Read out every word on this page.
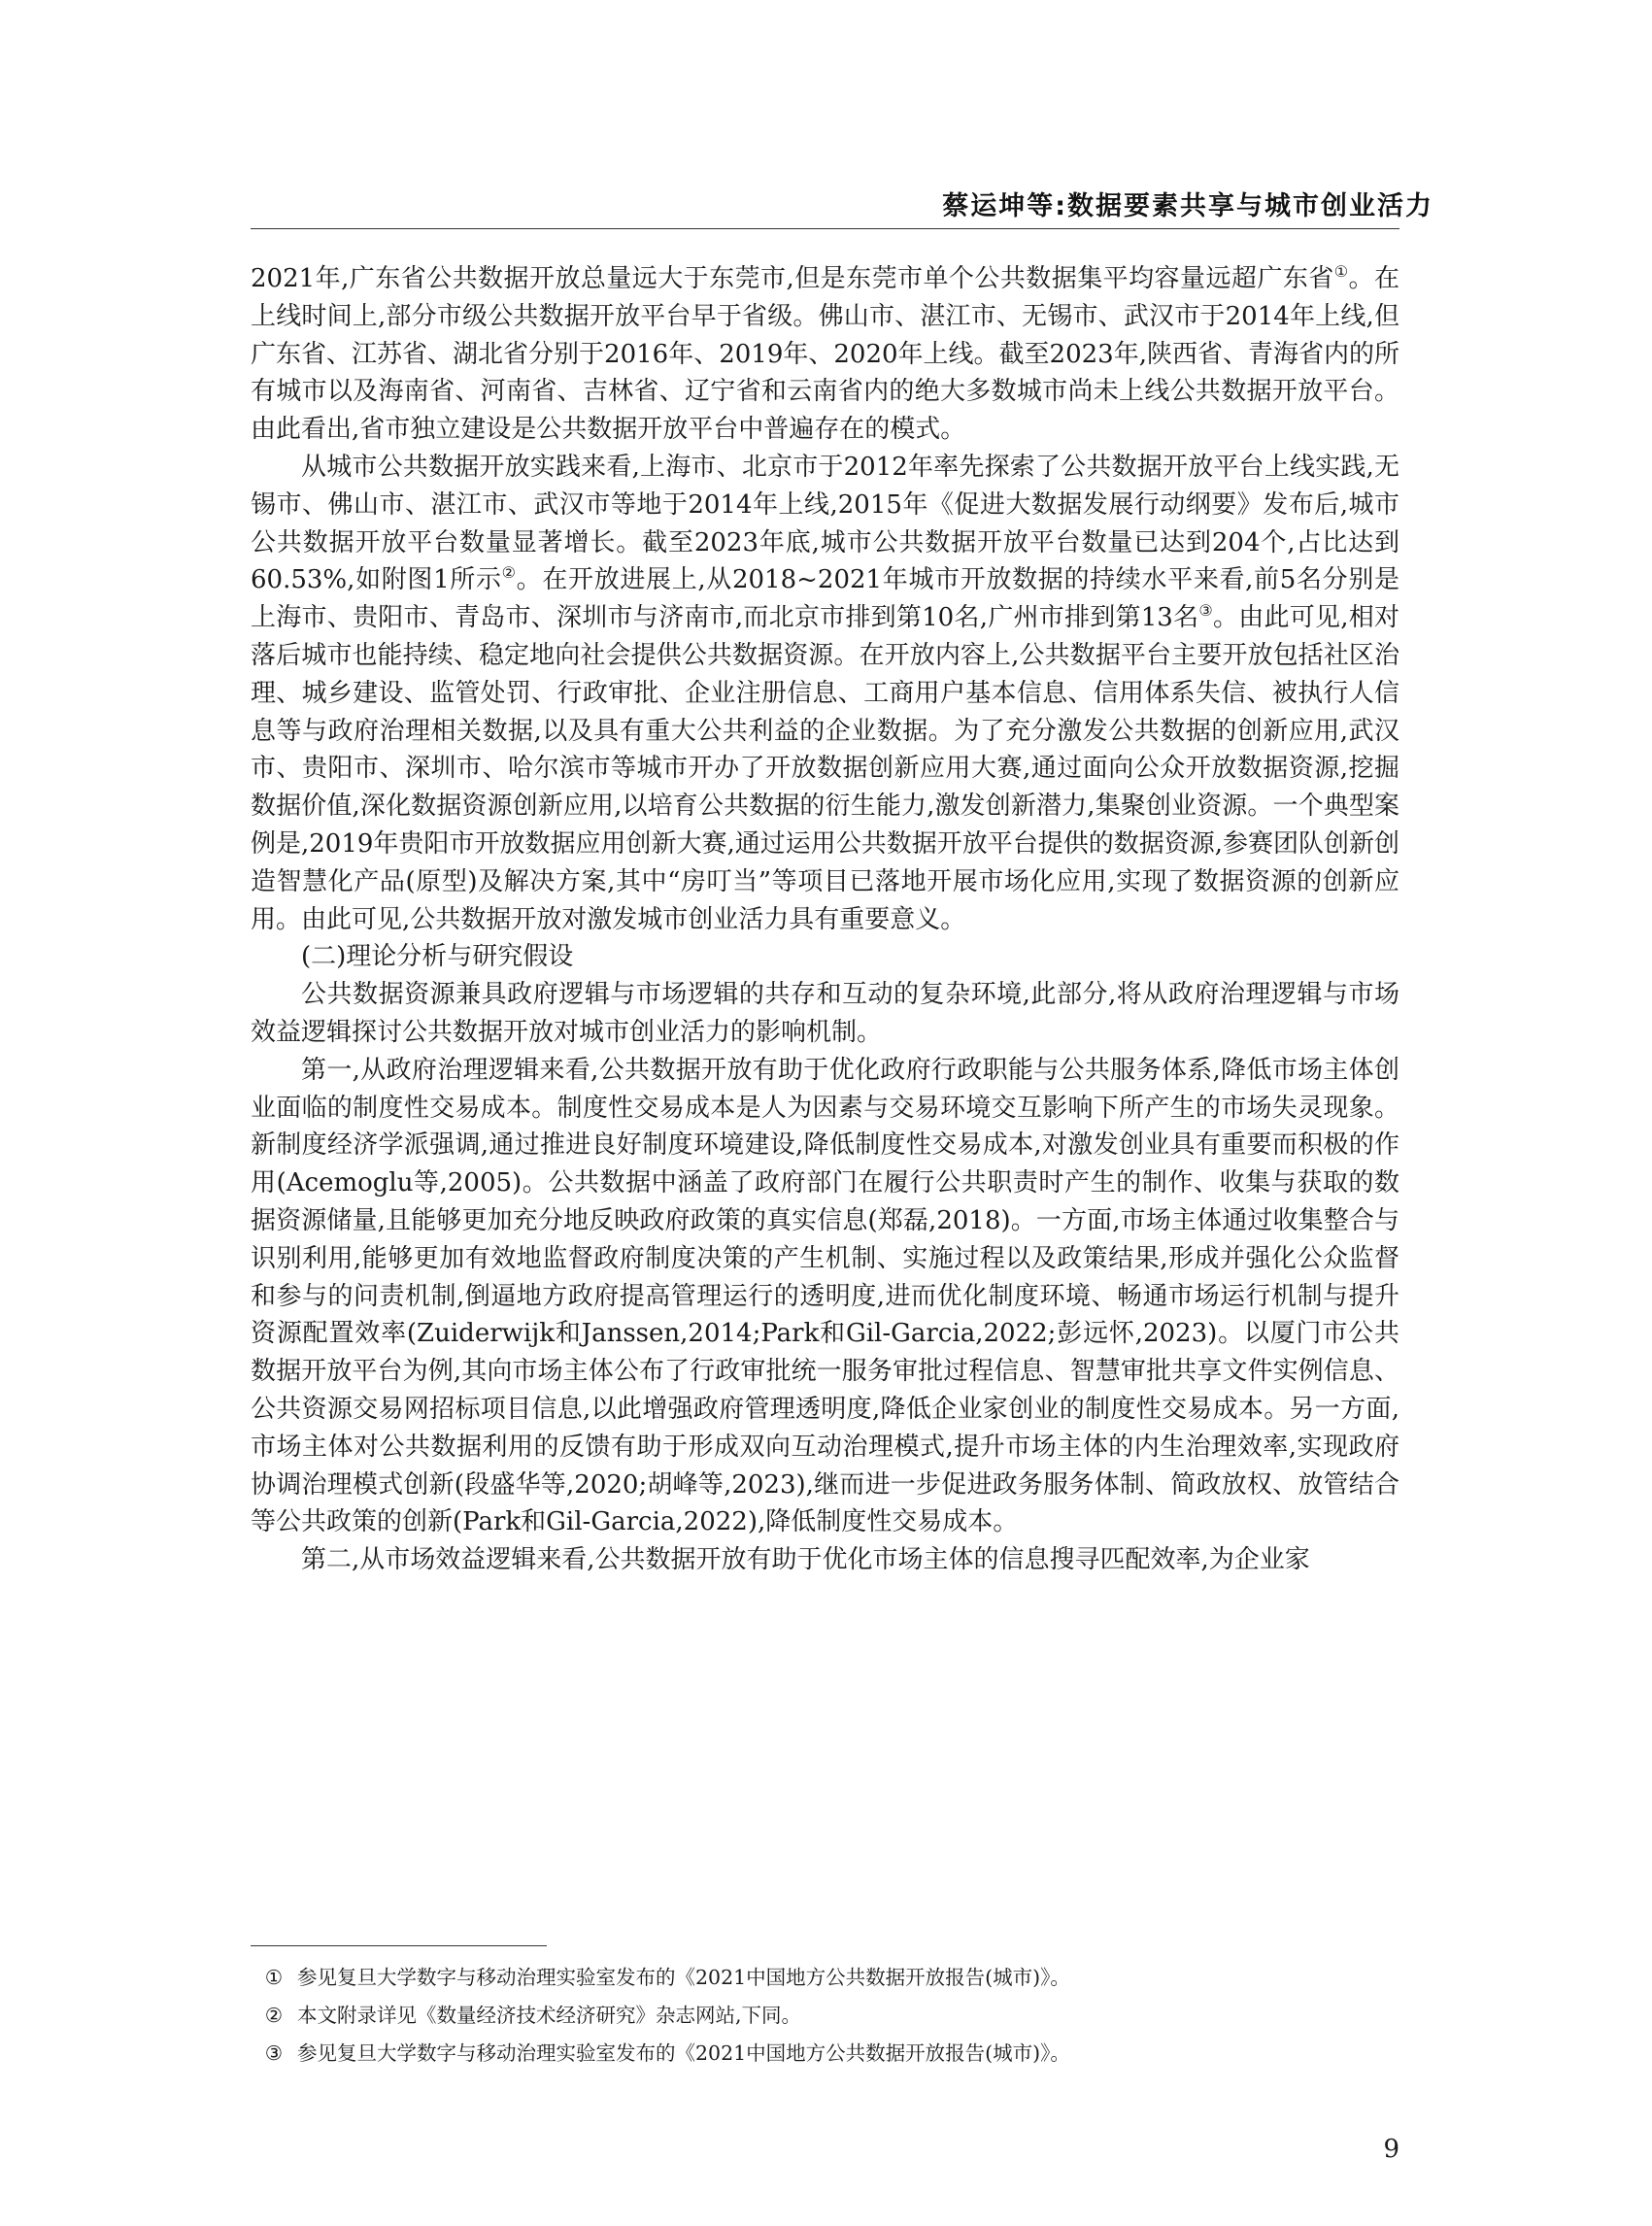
蔡运坤等:数据要素共享与城市创业活力

2021年,广东省公共数据开放总量远大于东莞市,但是东莞市单个公共数据集平均容量远超广东省①。在上线时间上,部分市级公共数据开放平台早于省级。佛山市、湛江市、无锡市、武汉市于2014年上线,但广东省、江苏省、湖北省分别于2016年、2019年、2020年上线。截至2023年,陕西省、青海省内的所有城市以及海南省、河南省、吉林省、辽宁省和云南省内的绝大多数城市尚未上线公共数据开放平台。由此看出,省市独立建设是公共数据开放平台中普遍存在的模式。

从城市公共数据开放实践来看,上海市、北京市于2012年率先探索了公共数据开放平台上线实践,无锡市、佛山市、湛江市、武汉市等地于2014年上线,2015年《促进大数据发展行动纲要》发布后,城市公共数据开放平台数量显著增长。截至2023年底,城市公共数据开放平台数量已达到204个,占比达到60.53%,如附图1所示②。在开放进展上,从2018~2021年城市开放数据的持续水平来看,前5名分别是上海市、贵阳市、青岛市、深圳市与济南市,而北京市排到第10名,广州市排到第13名③。由此可见,相对落后城市也能持续、稳定地向社会提供公共数据资源。在开放内容上,公共数据平台主要开放包括社区治理、城乡建设、监管处罚、行政审批、企业注册信息、工商用户基本信息、信用体系失信、被执行人信息等与政府治理相关数据,以及具有重大公共利益的企业数据。为了充分激发公共数据的创新应用,武汉市、贵阳市、深圳市、哈尔滨市等城市开办了开放数据创新应用大赛,通过面向公众开放数据资源,挖掘数据价值,深化数据资源创新应用,以培育公共数据的衍生能力,激发创新潜力,集聚创业资源。一个典型案例是,2019年贵阳市开放数据应用创新大赛,通过运用公共数据开放平台提供的数据资源,参赛团队创新创造智慧化产品(原型)及解决方案,其中“房叮当”等项目已落地开展市场化应用,实现了数据资源的创新应用。由此可见,公共数据开放对激发城市创业活力具有重要意义。

(二)理论分析与研究假设

公共数据资源兼具政府逻辑与市场逻辑的共存和互动的复杂环境,此部分,将从政府治理逻辑与市场效益逻辑探讨公共数据开放对城市创业活力的影响机制。

第一,从政府治理逻辑来看,公共数据开放有助于优化政府行政职能与公共服务体系,降低市场主体创业面临的制度性交易成本。制度性交易成本是人为因素与交易环境交互影响下所产生的市场失灵现象。新制度经济学派强调,通过推进良好制度环境建设,降低制度性交易成本,对激发创业具有重要而积极的作用(Acemoglu等,2005)。公共数据中涵盖了政府部门在履行公共职责时产生的制作、收集与获取的数据资源储量,且能够更加充分地反映政府政策的真实信息(郑磊,2018)。一方面,市场主体通过收集整合与识别利用,能够更加有效地监督政府制度决策的产生机制、实施过程以及政策结果,形成并强化公众监督和参与的问责机制,倒逼地方政府提高管理运行的透明度,进而优化制度环境、畅通市场运行机制与提升资源配置效率(Zuiderwijk和Janssen,2014;Park和Gil-Garcia,2022;彭远怀,2023)。以厦门市公共数据开放平台为例,其向市场主体公布了行政审批统一服务审批过程信息、智慧审批共享文件实例信息、公共资源交易网招标项目信息,以此增强政府管理透明度,降低企业家创业的制度性交易成本。另一方面,市场主体对公共数据利用的反馈有助于形成双向互动治理模式,提升市场主体的内生治理效率,实现政府协调治理模式创新(段盛华等,2020;胡峰等,2023),继而进一步促进政务服务体制、简政放权、放管结合等公共政策的创新(Park和Gil-Garcia,2022),降低制度性交易成本。

第二,从市场效益逻辑来看,公共数据开放有助于优化市场主体的信息搜寻匹配效率,为企业家

① 参见复旦大学数字与移动治理实验室发布的《2021中国地方公共数据开放报告(城市)》。
② 本文附录详见《数量经济技术经济研究》杂志网站,下同。
③ 参见复旦大学数字与移动治理实验室发布的《2021中国地方公共数据开放报告(城市)》。
9
